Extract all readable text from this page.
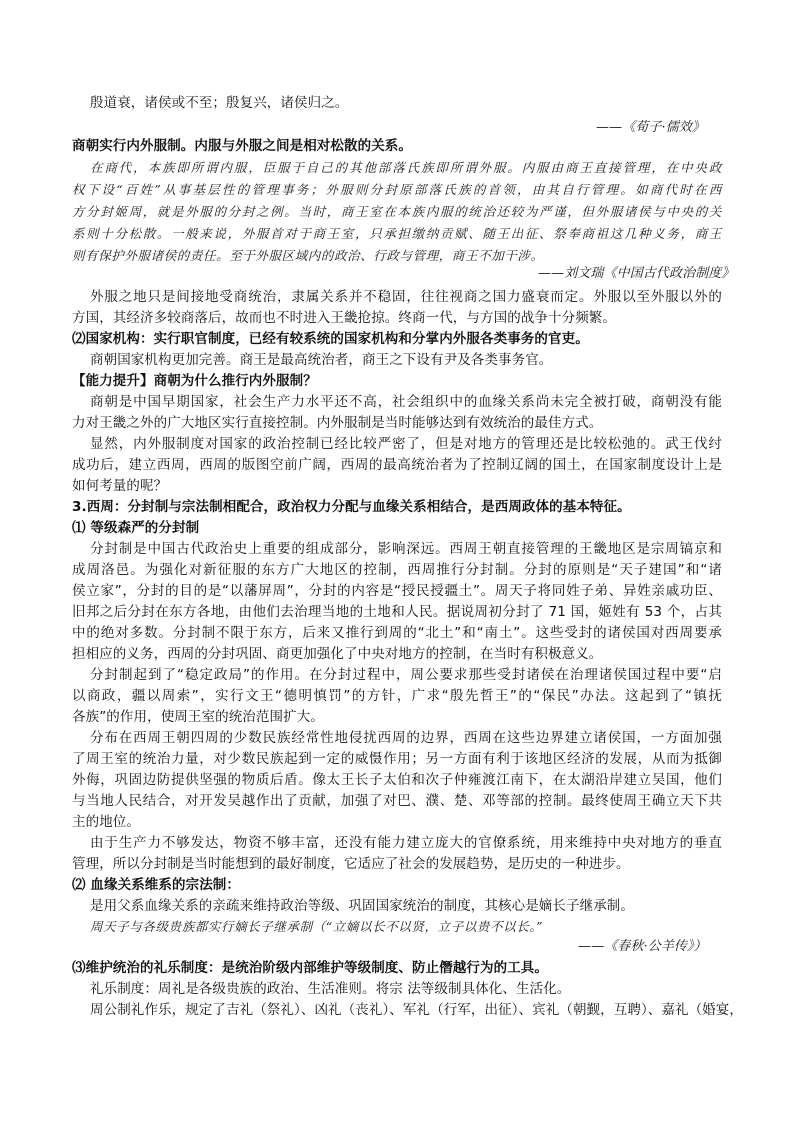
殷道衰，诸侯或不至；殷复兴，诸侯归之。
——《荀子·儒效》
商朝实行内外服制。内服与外服之间是相对松散的关系。
在商代，本族即所谓内服，臣服于自己的其他部落氏族即所谓外服。内服由商王直接管理，在中央政
权下设“百姓”从事基层性的管理事务；外服则分封原部落氏族的首领，由其自行管理。如商代时在西
方分封姬周，就是外服的分封之例。当时，商王室在本族内服的统治还较为严谨，但外服诸侯与中央的关
系则十分松散。一般来说，外服首对于商王室，只承担缴纳贡赋、随王出征、祭奉商祖这几种义务，商王
则有保护外服诸侯的责任。至于外服区域内的政治、行政与管理，商王不加干涉。
——刘文瑞《中国古代政治制度》
外服之地只是间接地受商统治，隶属关系并不稳固，往往视商之国力盛衰而定。外服以至外服以外的
方国，其经济多较商落后，故而也不时进入王畿抢掠。终商一代，与方国的战争十分频繁。
⑵国家机构：实行职官制度，已经有较系统的国家机构和分掌内外服各类事务的官吏。
商朝国家机构更加完善。商王是最高统治者，商王之下设有尹及各类事务官。
【能力提升】商朝为什么推行内外服制？
商朝是中国早期国家，社会生产力水平还不高，社会组织中的血缘关系尚未完全被打破，商朝没有能
力对王畿之外的广大地区实行直接控制。内外服制是当时能够达到有效统治的最佳方式。
显然，内外服制度对国家的政治控制已经比较严密了，但是对地方的管理还是比较松弛的。武王伐纣
成功后，建立西周，西周的版图空前广阔，西周的最高统治者为了控制辽阔的国土，在国家制度设计上是
如何考量的呢？
3.西周：分封制与宗法制相配合，政治权力分配与血缘关系相结合，是西周政体的基本特征。
⑴ 等级森严的分封制
分封制是中国古代政治史上重要的组成部分，影响深远。西周王朝直接管理的王畿地区是宗周镐京和
成周洛邑。为强化对新征服的东方广大地区的控制，西周推行分封制。分封的原则是“天子建国”和“诸
侯立家”，分封的目的是“以藩屏周”，分封的内容是“授民授疆土”。周天子将同姓子弟、异姓亲戚功臣、
旧邦之后分封在东方各地，由他们去治理当地的土地和人民。据说周初分封了 71 国，姬姓有 53 个，占其
中的绝对多数。分封制不限于东方，后来又推行到周的“北土”和“南土”。这些受封的诸侯国对西周要承
担相应的义务，西周的分封巩固、商更加强化了中央对地方的控制，在当时有积极意义。
分封制起到了“稳定政局”的作用。在分封过程中，周公要求那些受封诸侯在治理诸侯国过程中要“启
以商政，疆以周索”，实行文王“德明慎罚”的方针，广求“殷先哲王”的“保民”办法。这起到了“镇抚
各族”的作用，使周王室的统治范围扩大。
分布在西周王朝四周的少数民族经常性地侵扰西周的边界，西周在这些边界建立诸侯国，一方面加强
了周王室的统治力量，对少数民族起到一定的威慑作用；另一方面有利于该地区经济的发展，从而为抵御
外侮，巩固边防提供坚强的物质后盾。像太王长子太伯和次子仲雍渡江南下，在太湖沿岸建立吴国，他们
与当地人民结合，对开发吴越作出了贡献，加强了对巴、濮、楚、邓等部的控制。最终使周王确立天下共
主的地位。
由于生产力不够发达，物资不够丰富，还没有能力建立庞大的官僚系统，用来维持中央对地方的垂直
管理，所以分封制是当时能想到的最好制度，它适应了社会的发展趋势，是历史的一种进步。
⑵ 血缘关系维系的宗法制：
是用父系血缘关系的亲疏来维持政治等级、巩固国家统治的制度，其核心是嫡长子继承制。
周天子与各级贵族都实行嫡长子继承制（“立嫡以长不以贤，立子以贵不以长。”
——《春秋·公羊传》）
⑶维护统治的礼乐制度：是统治阶级内部维护等级制度、防止僭越行为的工具。
礼乐制度：周礼是各级贵族的政治、生活准则。将宗 法等级制具体化、生活化。
周公制礼作乐，规定了吉礼（祭礼）、凶礼（丧礼）、军礼（行军，出征）、宾礼（朝觐，互聘）、嘉礼（婚宴，
